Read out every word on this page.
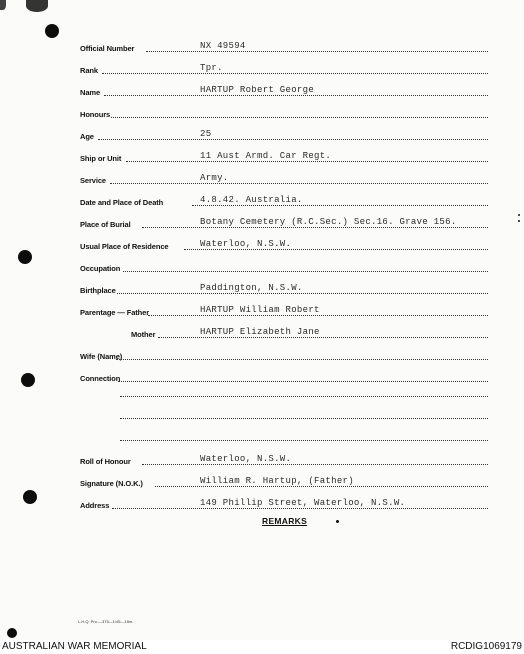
Official Number	NX 49594
Rank	Tpr.
Name	HARTUP Robert George
Honours
Age	25
Ship or Unit	11 Aust Armd. Car Regt.
Service	Army.
Date and Place of Death	4.8.42. Australia.
Place of Burial	Botany Cemetery (R.C.Sec.) Sec.16. Grave 156.
Usual Place of Residence	Waterloo, N.S.W.
Occupation
Birthplace	Paddington, N.S.W.
Parentage — Father	HARTUP William Robert
Mother	HARTUP Elizabeth Jane
Wife (Name)
Connection
Roll of Honour	Waterloo, N.S.W.
Signature (N.O.K.)	William R. Hartup, (Father)
Address	149 Phillip Street, Waterloo, N.S.W.
REMARKS
L.H.Q. Pro.—375—1/45—15m.
AUSTRALIAN WAR MEMORIAL	RCDIG1069179
